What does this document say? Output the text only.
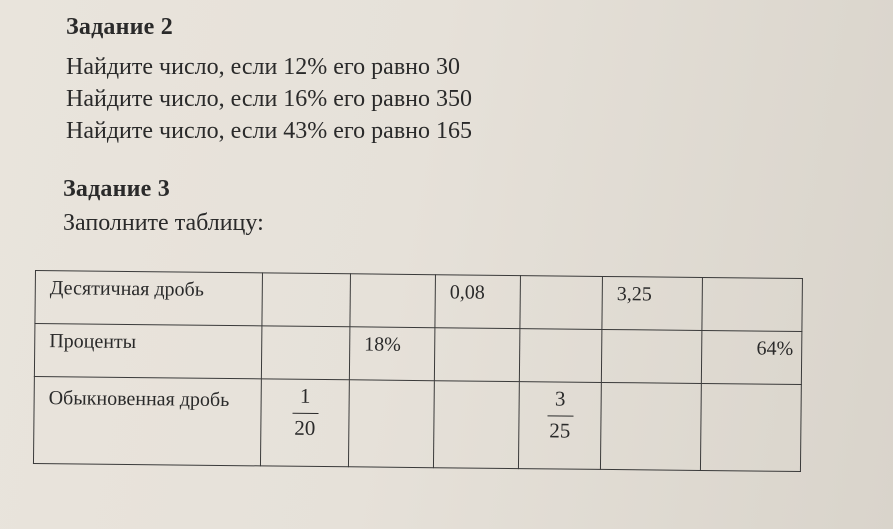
Задание 2
Найдите число, если 12% его равно 30
Найдите число, если 16% его равно 350
Найдите число, если 43% его равно 165
Задание 3
Заполните таблицу:
Десятичная дробь			0,08		3,25	
Проценты		18%				64%
Обыкновенная дробь	$\frac{1}{20}$			$\frac{3}{25}$
